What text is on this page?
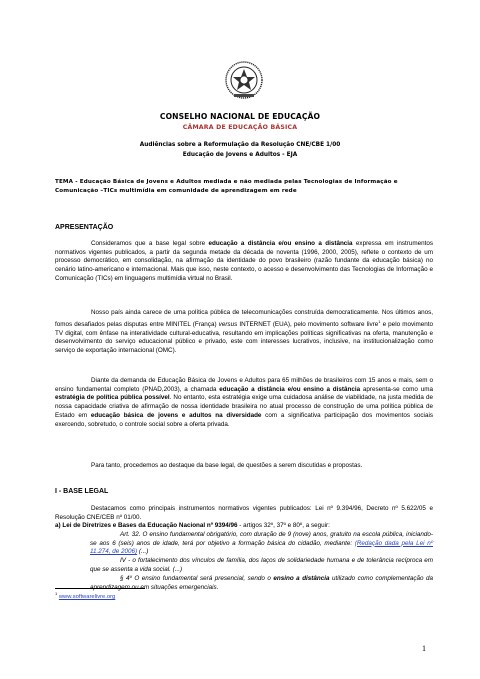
CONSELHO NACIONAL DE EDUCAÇÃO
CÂMARA DE EDUCAÇÃO BÁSICA
Audiências sobre a Reformulação da Resolução CNE/CBE 1/00
Educação de Jovens e Adultos - EJA
TEMA - Educação Básica de Jovens e Adultos mediada e não mediada pelas Tecnologias de Informação e Comunicação –TICs multimídia em comunidade de aprendizagem em rede
APRESENTAÇÃO
Consideramos que a base legal sobre educação a distância e/ou ensino a distância expressa em instrumentos normativos vigentes publicados, a partir da segunda metade da década de noventa (1996, 2000, 2005), reflete o contexto de um processo democrático, em consolidação, na afirmação da identidade do povo brasileiro (razão fundante da educação básica) no cenário latino-americano e internacional. Mais que isso, neste contexto, o acesso e desenvolvimento das Tecnologias de Informação e Comunicação (TICs) em linguagens multimídia virtual no Brasil.
Nosso país ainda carece de uma política pública de telecomunicações construída democraticamente. Nos últimos anos, fomos desafiados pelas disputas entre MINITEL (França) versus INTERNET (EUA), pelo movimento software livre$^1$ e pelo movimento TV digital, com ênfase na interatividade cultural-educativa, resultando em implicações políticas significativas na oferta, manutenção e desenvolvimento do serviço educacional público e privado, este com interesses lucrativos, inclusive, na institucionalização como serviço de exportação internacional (OMC).
Diante da demanda de Educação Básica de Jovens e Adultos para 65 milhões de brasileiros com 15 anos e mais, sem o ensino fundamental completo (PNAD,2003), a chamada educação a distância e/ou ensino a distância apresenta-se como uma estratégia de política pública possível. No entanto, esta estratégia exige uma cuidadosa análise de viabilidade, na justa medida de nossa capacidade criativa de afirmação de nossa identidade brasileira no atual processo de construção de uma política pública de Estado em educação básica de jovens e adultos na diversidade com a significativa participação dos movimentos sociais exercendo, sobretudo, o controle social sobre a oferta privada.
Para tanto, procedemos ao destaque da base legal, de questões a serem discutidas e propostas.
I - BASE LEGAL
Destacamos como principais instrumentos normativos vigentes publicados: Lei nº 9.394/96, Decreto nº 5.622/05 e Resolução CNE/CEB nº 01/00.
a) Lei de Diretrizes e Bases da Educação Nacional nº 9394/96 - artigos 32º, 37º e 80º, a seguir:
Art. 32. O ensino fundamental obrigatório, com duração de 9 (nove) anos, gratuito na escola pública, iniciando-se aos 6 (seis) anos de idade, terá por objetivo a formação básica do cidadão, mediante: (Redação dada pela Lei nº 11.274, de 2006) (...)
IV - o fortalecimento dos vínculos de família, dos laços de solidariedade humana e de tolerância recíproca em que se assenta a vida social. (...)
§ 4º O ensino fundamental será presencial, sendo o ensino a distância utilizado como complementação da aprendizagem ou em situações emergenciais.
$^1$ www.softwarelivre.org
1
